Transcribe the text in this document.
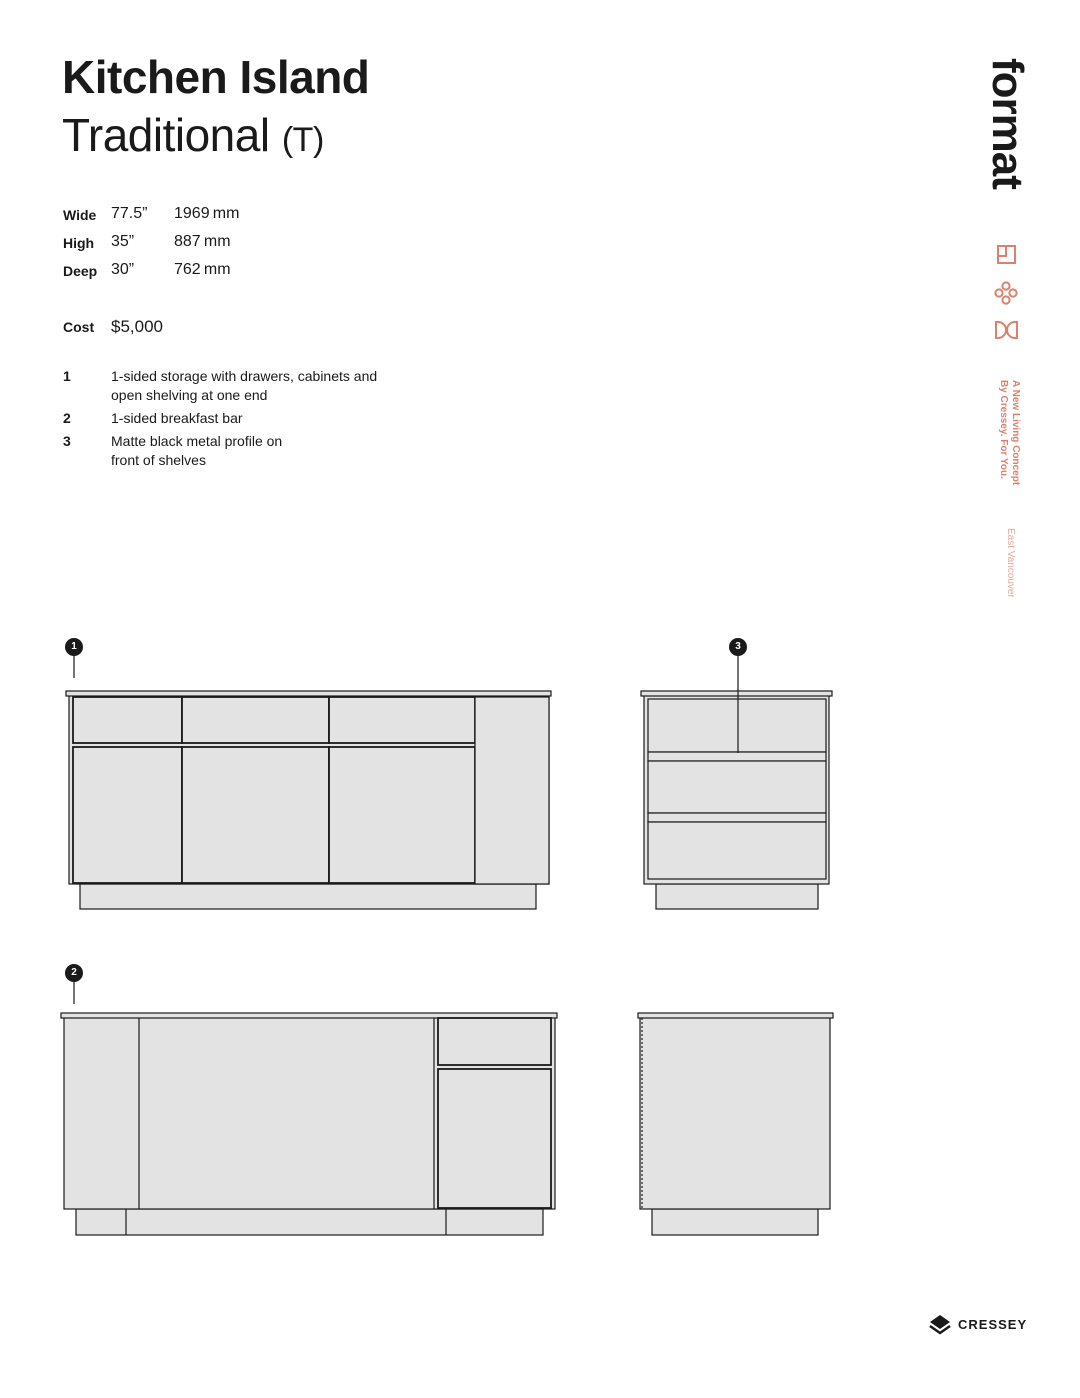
Kitchen Island
Traditional (T)
Wide 77.5” 1969 mm
High 35” 887 mm
Deep 30” 762 mm
Cost $5,000
1	1-sided storage with drawers, cabinets and open shelving at one end
2	1-sided breakfast bar
3	Matte black metal profile on front of shelves
format
A New Living Concept
By Cressey. For You.
East Vancouver
1
2
3
CRESSEY
